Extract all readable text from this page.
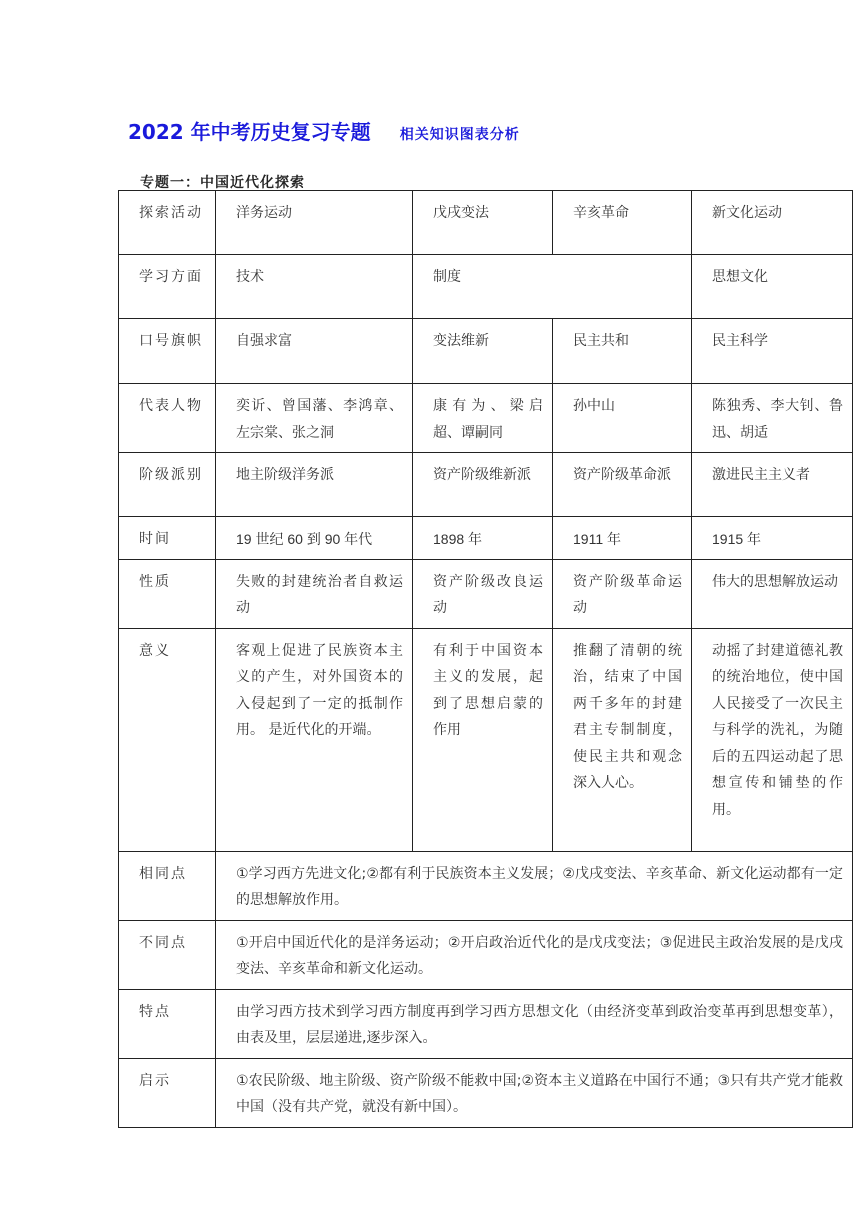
2022 年中考历史复习专题 相关知识图表分析
专题一：中国近代化探索
探索活动	洋务运动	戊戌变法	辛亥革命	新文化运动
学习方面	技术	制度		思想文化
口号旗帜	自强求富	变法维新	民主共和	民主科学
代表人物	奕䜣、曾国藩、李鸿章、左宗棠、张之洞	康有为、梁启超、谭嗣同	孙中山	陈独秀、李大钊、鲁迅、胡适
阶级派别	地主阶级洋务派	资产阶级维新派	资产阶级革命派	激进民主主义者
时间	19 世纪 60 到 90 年代	1898 年	1911 年	1915 年
性质	失败的封建统治者自救运动	资产阶级改良运动	资产阶级革命运动	伟大的思想解放运动
意义	客观上促进了民族资本主义的产生，对外国资本的入侵起到了一定的抵制作用。 是近代化的开端。	有利于中国资本主义的发展，起到了思想启蒙的作用	推翻了清朝的统治，结束了中国两千多年的封建君主专制制度，使民主共和观念深入人心。	动摇了封建道德礼教的统治地位，使中国人民接受了一次民主与科学的洗礼，为随后的五四运动起了思想宣传和铺垫的作用。
相同点	①学习西方先进文化;②都有利于民族资本主义发展；②戊戌变法、辛亥革命、新文化运动都有一定的思想解放作用。			
不同点	①开启中国近代化的是洋务运动；②开启政治近代化的是戊戌变法；③促进民主政治发展的是戊戌变法、辛亥革命和新文化运动。			
特点	由学习西方技术到学习西方制度再到学习西方思想文化（由经济变革到政治变革再到思想变革），由表及里，层层递进,逐步深入。			
启示	①农民阶级、地主阶级、资产阶级不能救中国;②资本主义道路在中国行不通；③只有共产党才能救中国（没有共产党，就没有新中国）。			
